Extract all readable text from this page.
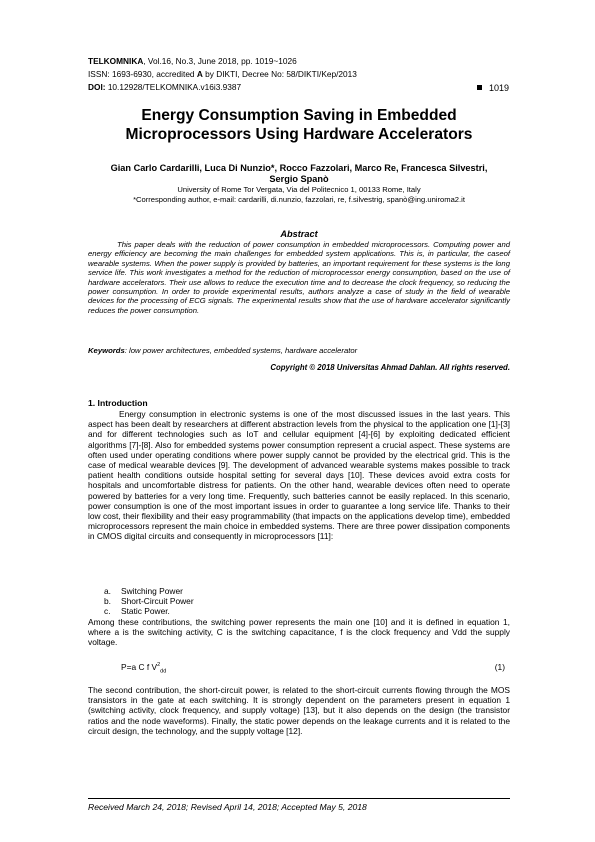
TELKOMNIKA, Vol.16, No.3, June 2018, pp. 1019~1026
ISSN: 1693-6930, accredited A by DIKTI, Decree No: 58/DIKTI/Kep/2013
DOI: 10.12928/TELKOMNIKA.v16i3.9387	1019
Energy Consumption Saving in Embedded
Microprocessors Using Hardware Accelerators
Gian Carlo Cardarilli, Luca Di Nunzio*, Rocco Fazzolari, Marco Re, Francesca Silvestri,
Sergio Spanò
University of Rome Tor Vergata, Via del Politecnico 1, 00133 Rome, Italy
*Corresponding author, e-mail: cardarilli, di.nunzio, fazzolari, re, f.silvestrig, spanò@ing.uniroma2.it
Abstract
This paper deals with the reduction of power consumption in embedded microprocessors. Computing power and energy efficiency are becoming the main challenges for embedded system applications. This is, in particular, the caseof wearable systems. When the power supply is provided by batteries, an important requirement for these systems is the long service life. This work investigates a method for the reduction of microprocessor energy consumption, based on the use of hardware accelerators. Their use allows to reduce the execution time and to decrease the clock frequency, so reducing the power consumption. In order to provide experimental results, authors analyze a case of study in the field of wearable devices for the processing of ECG signals. The experimental results show that the use of hardware accelerator significantly reduces the power consumption.
Keywords: low power architectures, embedded systems, hardware accelerator
Copyright © 2018 Universitas Ahmad Dahlan. All rights reserved.
1. Introduction
Energy consumption in electronic systems is one of the most discussed issues in the last years. This aspect has been dealt by researchers at different abstraction levels from the physical to the application one [1]-[3] and for different technologies such as IoT and cellular equipment [4]-[6] by exploiting dedicated efficient algorithms [7]-[8]. Also for embedded systems power consumption represent a crucial aspect. These systems are often used under operating conditions where power supply cannot be provided by the electrical grid. This is the case of medical wearable devices [9]. The development of advanced wearable systems makes possible to track patient health conditions outside hospital setting for several days [10]. These devices avoid extra costs for hospitals and uncomfortable distress for patients. On the other hand, wearable devices often need to operate powered by batteries for a very long time. Frequently, such batteries cannot be easily replaced. In this scenario, power consumption is one of the most important issues in order to guarantee a long service life. Thanks to their low cost, their flexibility and their easy programmability (that impacts on the applications develop time), embedded microprocessors represent the main choice in embedded systems. There are three power dissipation components in CMOS digital circuits and consequently in microprocessors [11]:
a. Switching Power
b. Short-Circuit Power
c. Static Power.
Among these contributions, the switching power represents the main one [10] and it is defined in equation 1, where a is the switching activity, C is the switching capacitance, f is the clock frequency and Vdd the supply voltage.
P=a C f $V^2_{dd}$	(1)
The second contribution, the short-circuit power, is related to the short-circuit currents flowing through the MOS transistors in the gate at each switching. It is strongly dependent on the parameters present in equation 1 (switching activity, clock frequency, and supply voltage) [13], but it also depends on the design (the transistor ratios and the node waveforms). Finally, the static power depends on the leakage currents and it is related to the circuit design, the technology, and the supply voltage [12].
Received March 24, 2018; Revised April 14, 2018; Accepted May 5, 2018
